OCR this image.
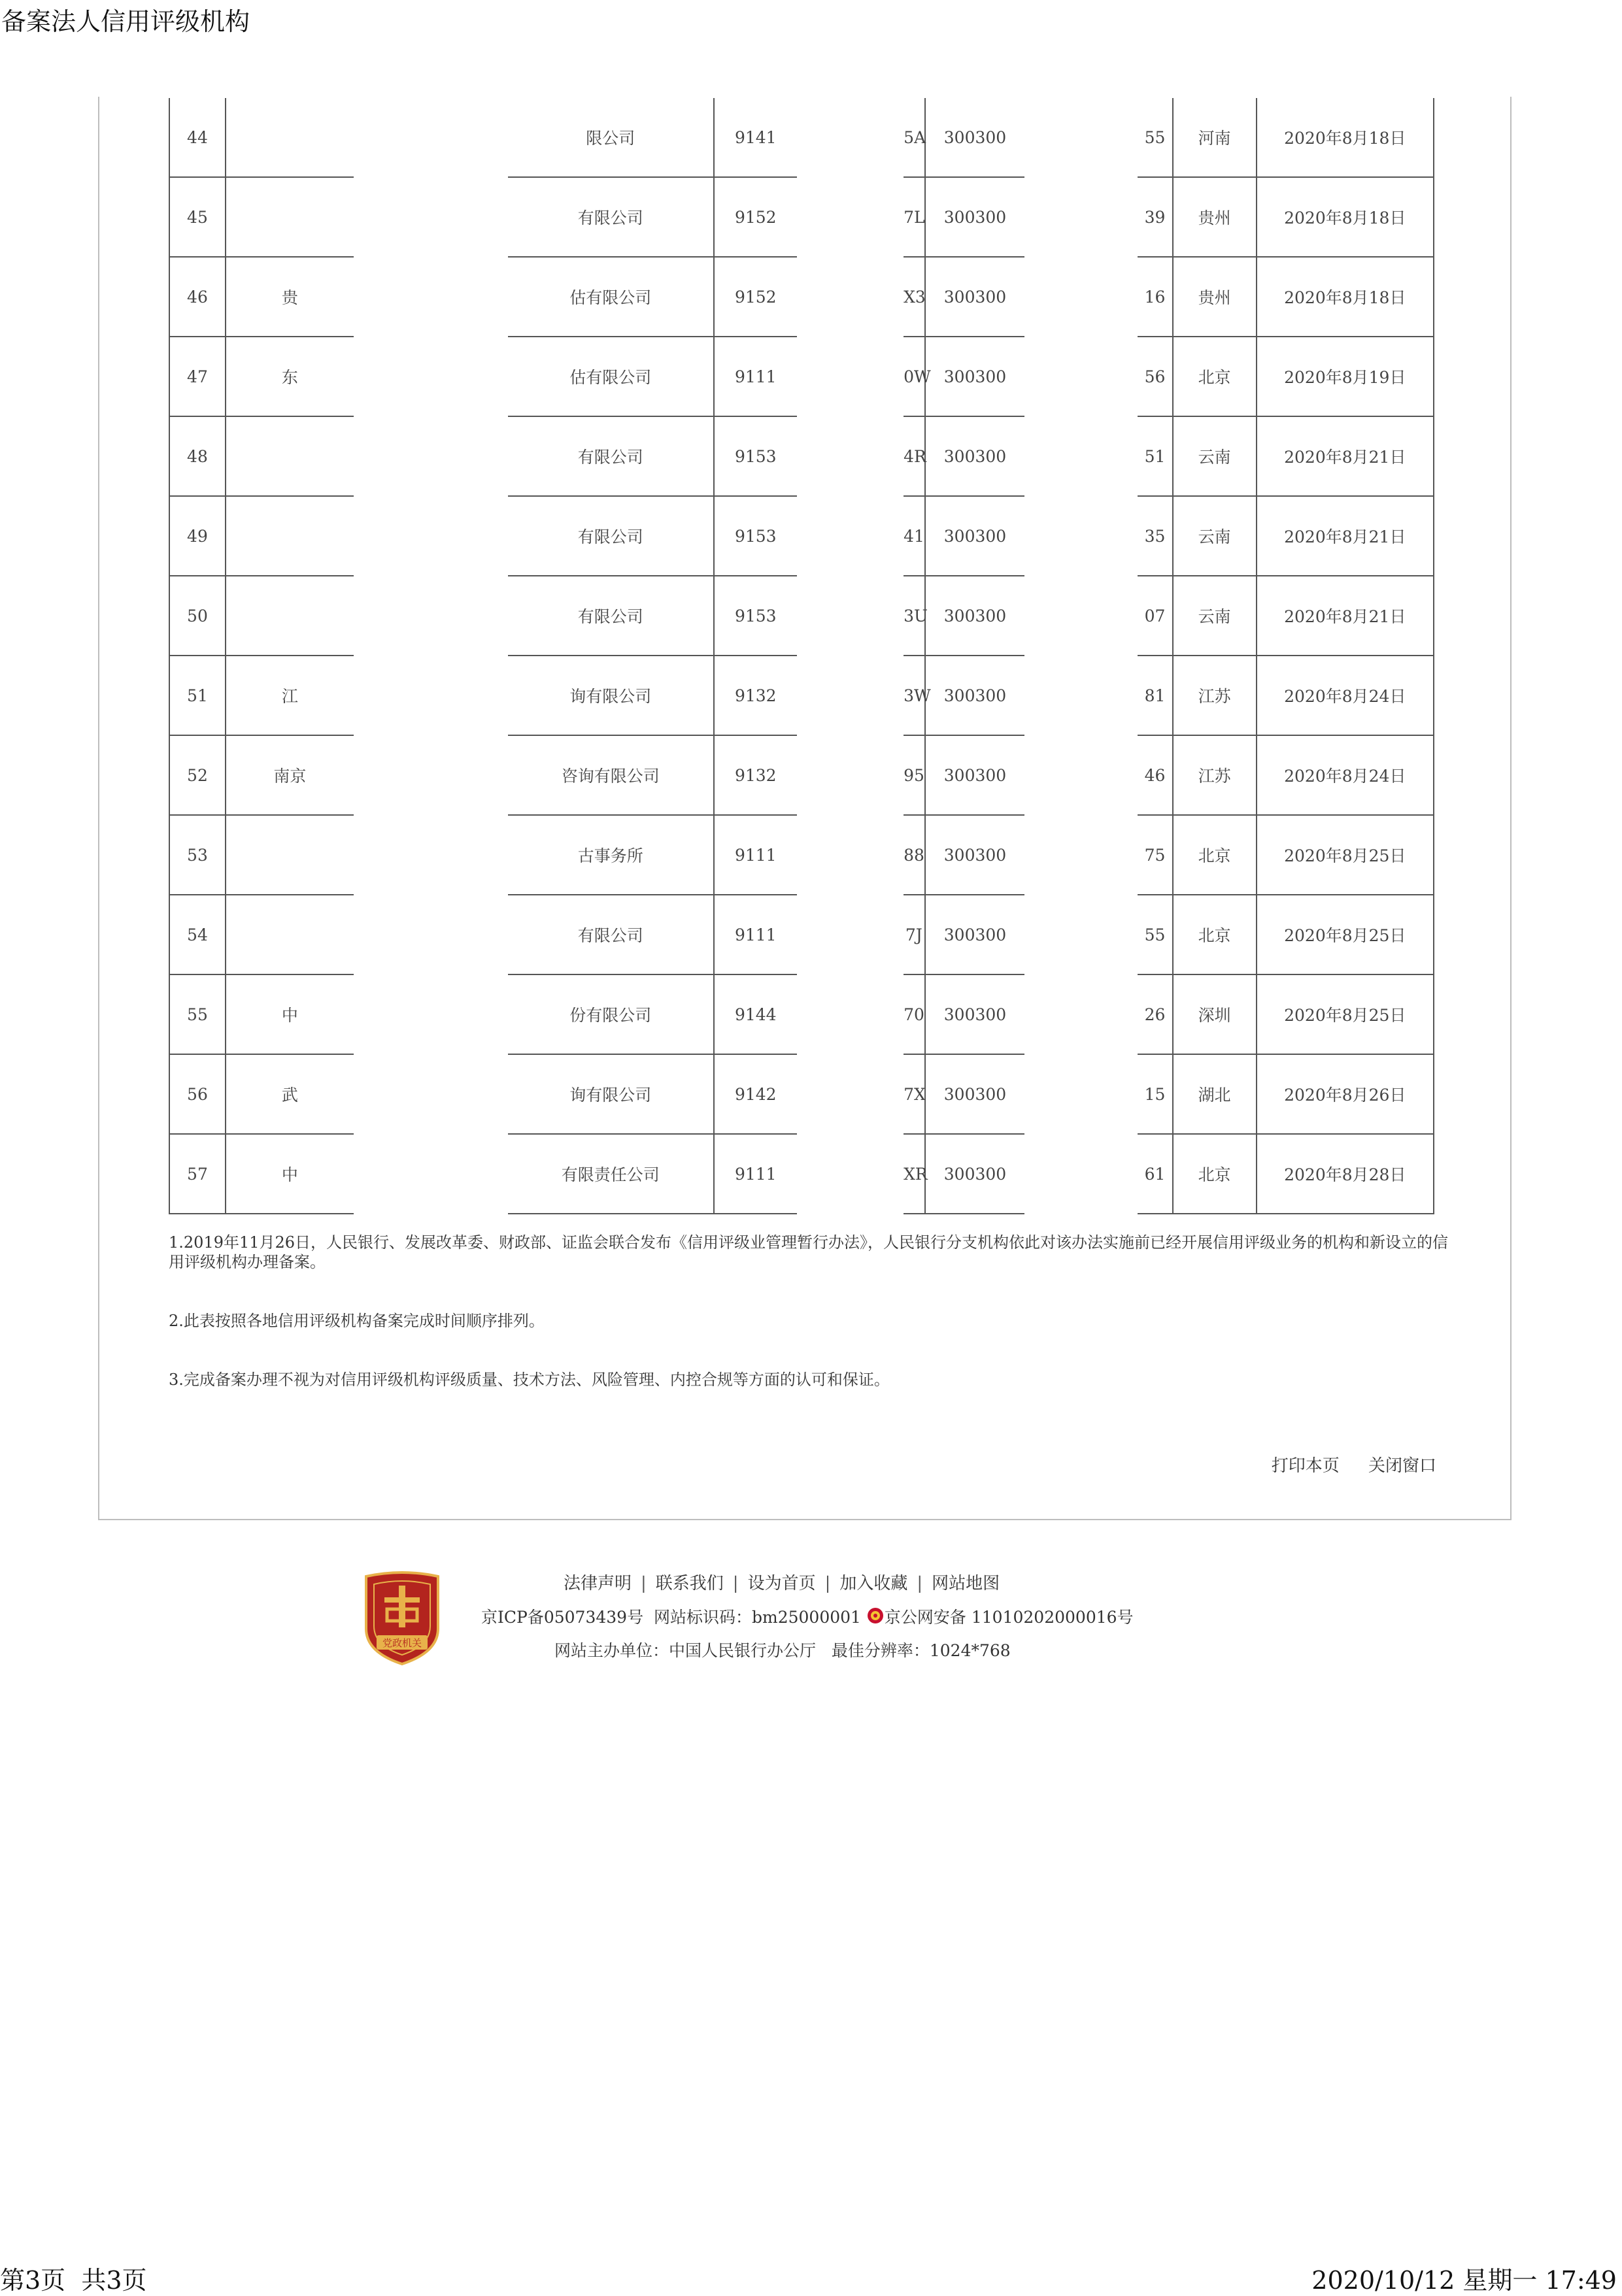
备案法人信用评级机构
44			限公司	9141		5A	300300		55	河南	2020年8月18日
45			有限公司	9152		7L	300300		39	贵州	2020年8月18日
46	贵		估有限公司	9152		X3	300300		16	贵州	2020年8月18日
47	东		估有限公司	9111		0W	300300		56	北京	2020年8月19日
48			有限公司	9153		4R	300300		51	云南	2020年8月21日
49			有限公司	9153		41	300300		35	云南	2020年8月21日
50			有限公司	9153		3U	300300		07	云南	2020年8月21日
51	江		询有限公司	9132		3W	300300		81	江苏	2020年8月24日
52	南京		咨询有限公司	9132		95	300300		46	江苏	2020年8月24日
53			古事务所	9111		88	300300		75	北京	2020年8月25日
54			有限公司	9111		7J	300300		55	北京	2020年8月25日
55	中		份有限公司	9144		70	300300		26	深圳	2020年8月25日
56	武		询有限公司	9142		7X	300300		15	湖北	2020年8月26日
57	中		有限责任公司	9111		XR	300300		61	北京	2020年8月28日

1.2019年11月26日，人民银行、发展改革委、财政部、证监会联合发布《信用评级业管理暂行办法》，人民银行分支机构依此对该办法实施前已经开展信用评级业务的机构和新设立的信用评级机构办理备案。

2.此表按照各地信用评级机构备案完成时间顺序排列。

3.完成备案办理不视为对信用评级机构评级质量、技术方法、风险管理、内控合规等方面的认可和保证。

打印本页 关闭窗口
党政机关
法律声明 | 联系我们 | 设为首页 | 加入收藏 | 网站地图
京ICP备05073439号 网站标识码：bm25000001 京公网安备 11010202000016号
网站主办单位：中国人民银行办公厅 最佳分辨率：1024*768
第3页  共3页	2020/10/12 星期一 17:49
